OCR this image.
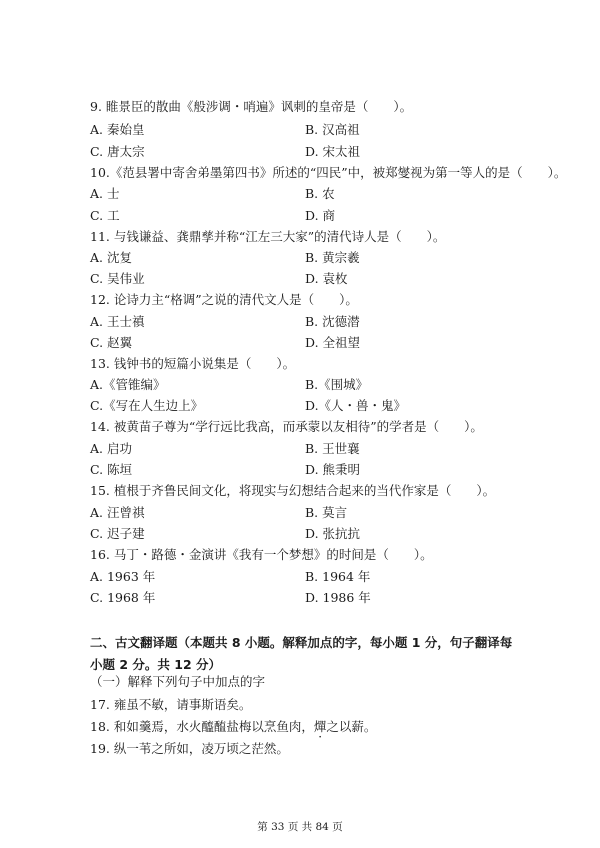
9. 睢景臣的散曲《般涉调・哨遍》讽刺的皇帝是（　　）。
A. 秦始皇	B. 汉高祖
C. 唐太宗	D. 宋太祖
10.《范县署中寄舍弟墨第四书》所述的“四民”中，被郑燮视为第一等人的是（　　）。
A. 士	B. 农
C. 工	D. 商
11. 与钱谦益、龚鼎孳并称“江左三大家”的清代诗人是（　　）。
A. 沈复	B. 黄宗羲
C. 吴伟业	D. 袁枚
12. 论诗力主“格调”之说的清代文人是（　　）。
A. 王士禛	B. 沈德潜
C. 赵翼	D. 全祖望
13. 钱钟书的短篇小说集是（　　）。
A.《管锥编》	B.《围城》
C.《写在人生边上》	D.《人・兽・鬼》
14. 被黄苗子尊为“学行远比我高，而承蒙以友相待”的学者是（　　）。
A. 启功	B. 王世襄
C. 陈垣	D. 熊秉明
15. 植根于齐鲁民间文化，将现实与幻想结合起来的当代作家是（　　）。
A. 汪曾祺	B. 莫言
C. 迟子建	D. 张抗抗
16. 马丁・路德・金演讲《我有一个梦想》的时间是（　　）。
A. 1963 年	B. 1964 年
C. 1968 年	D. 1986 年
二、古文翻译题（本题共 8 小题。解释加点的字，每小题 1 分，句子翻译每小题 2 分。共 12 分）
（一）解释下列句子中加点的字
17. 雍虽不敏，请事斯语矣。
18. 和如羹焉，水火醯醢盐梅以烹鱼肉，燀之以薪。
19. 纵一苇之所如，凌万顷之茫然。
第 33 页 共 84 页
